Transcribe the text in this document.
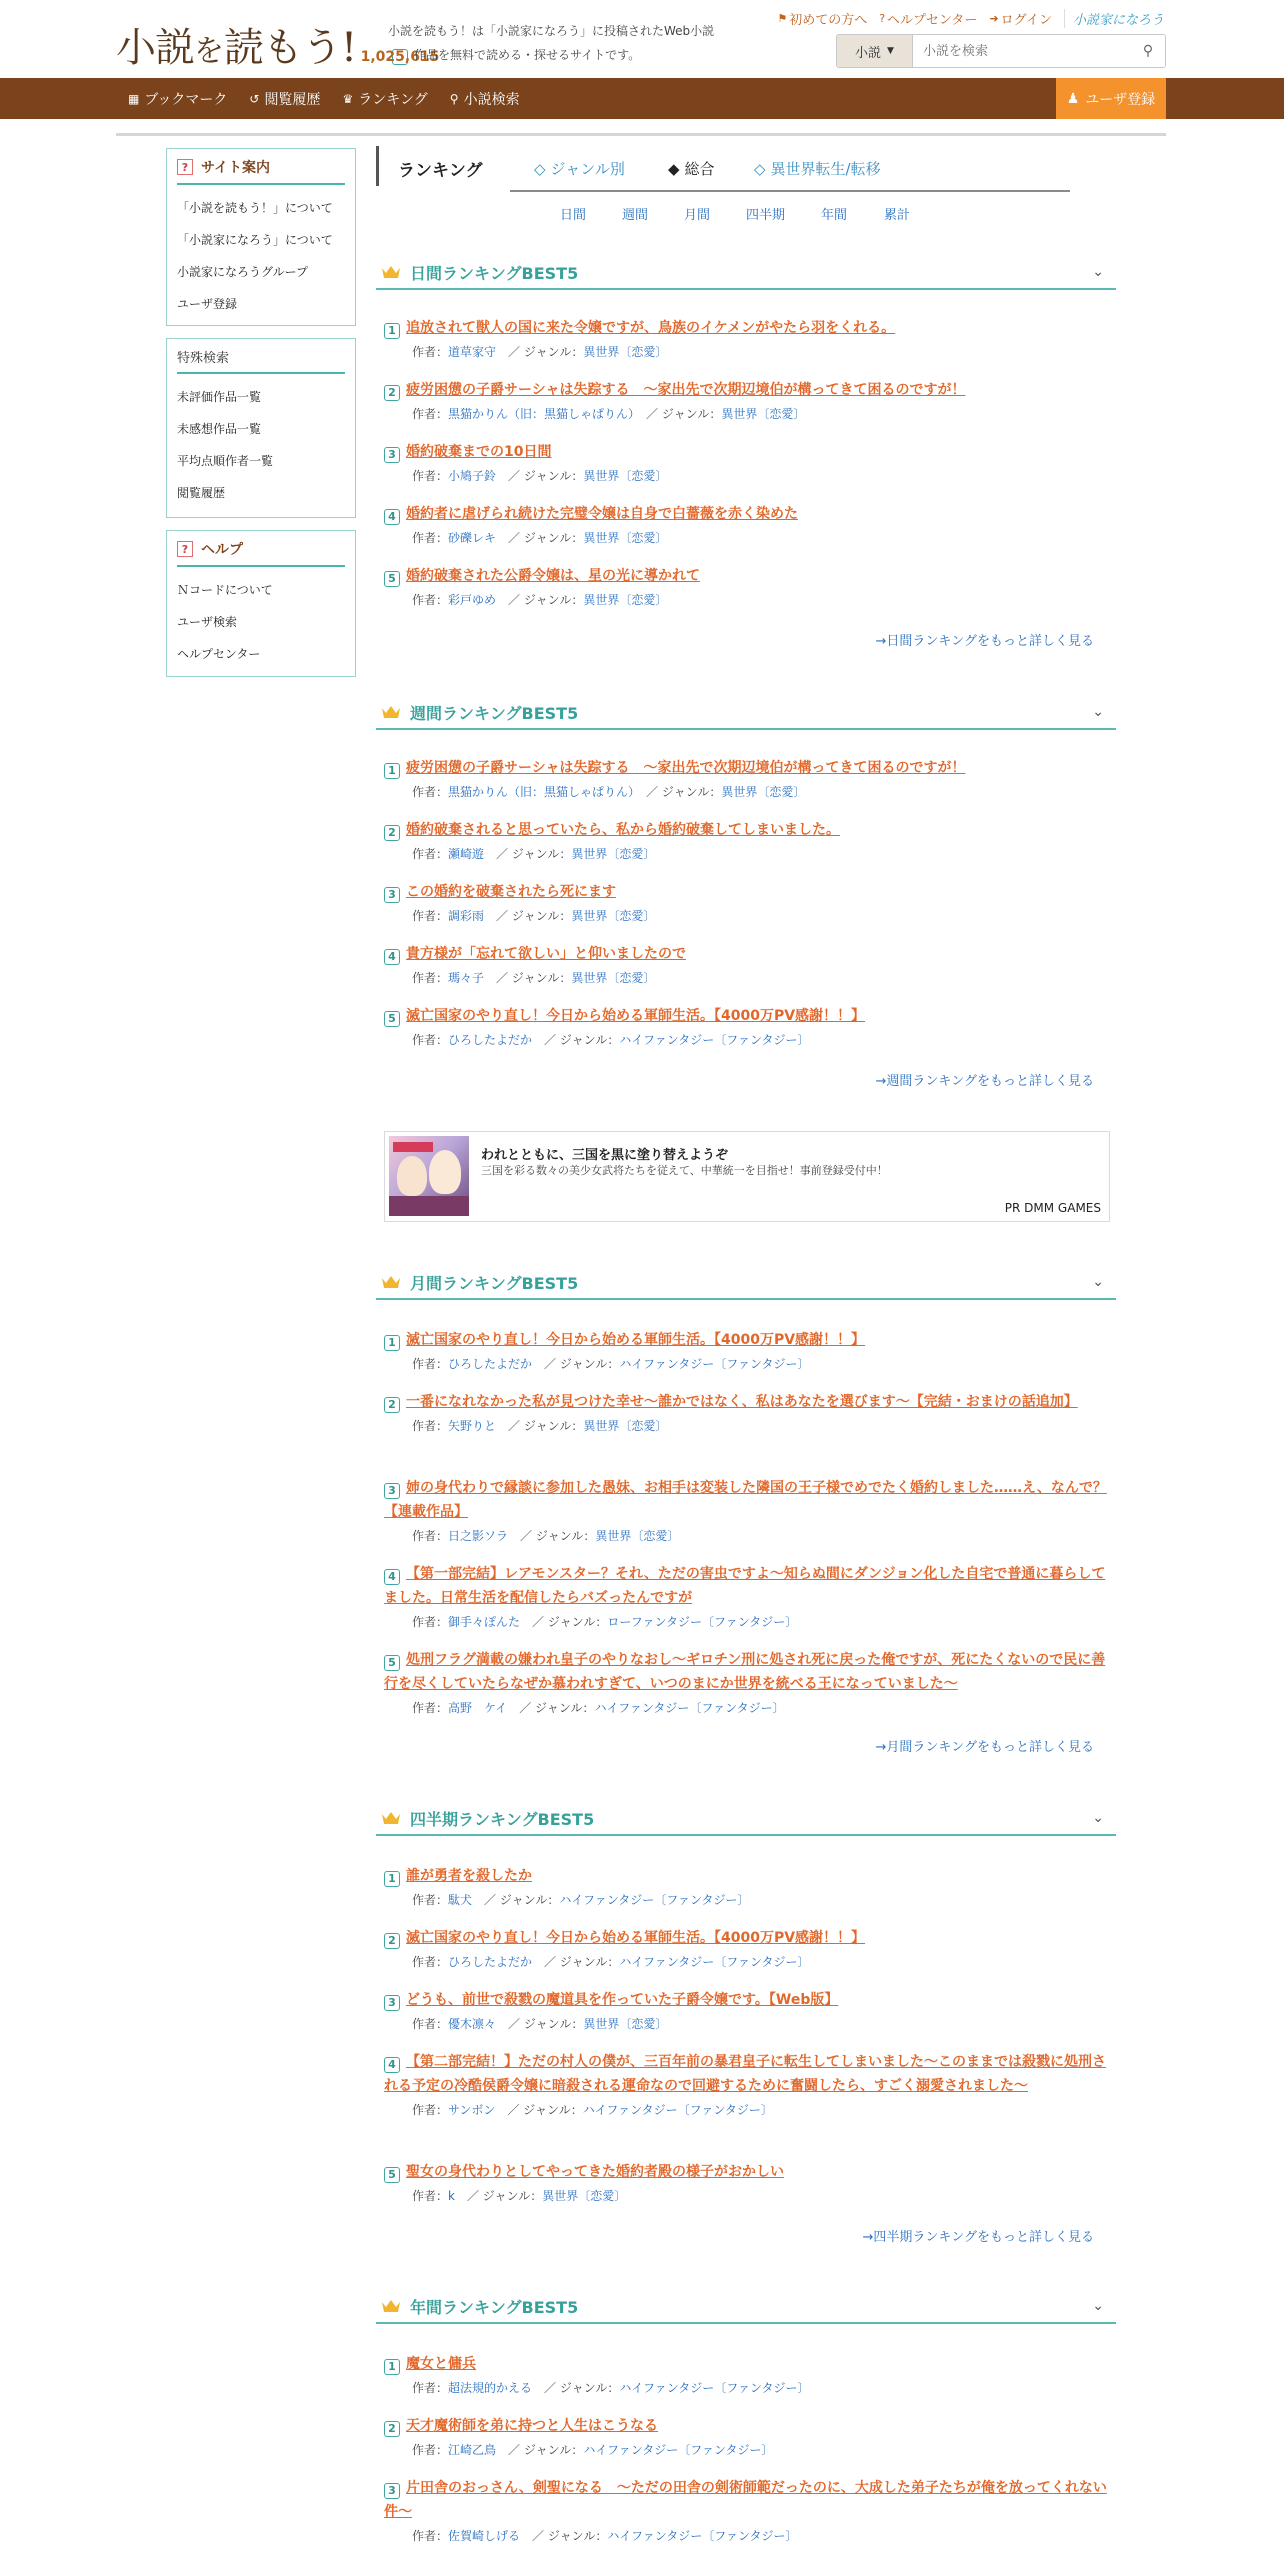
小説 を 読もう !	小説を読もう！は「小説家になろう」に投稿されたWeb小説
1,025,615作品を無料で読める・探せるサイトです。
⚑ 初めての方へ ? ヘルプセンター ➜ ログイン	小説家になろう
小説 ▼
小説を検索	⚲
▦ ブックマーク ↺ 閲覧履歴 ♛ ランキング ⚲ 小説検索	♟ ユーザ登録
? サイト案内
「小説を読もう！」について
「小説家になろう」について
小説家になろうグループ
ユーザ登録
特殊検索
未評価作品一覧
未感想作品一覧
平均点順作者一覧
閲覧履歴
? ヘルプ
Ｎコードについて
ユーザ検索
ヘルプセンター
ランキング	◇ ジャンル別	◆ 総合	◇ 異世界転生/転移
日間	週間	月間	四半期	年間	累計
日間ランキングBEST5	⌄
1 追放されて獣人の国に来た令嬢ですが、鳥族のイケメンがやたら羽をくれる。
作者：道草家守　 ／ ジャンル：異世界〔恋愛〕
2 疲労困憊の子爵サーシャは失踪する　〜家出先で次期辺境伯が構ってきて困るのですが！
作者：黒猫かりん（旧：黒猫しゃぱりん）　 ／ ジャンル：異世界〔恋愛〕
3 婚約破棄までの10日間
作者：小鳩子鈴　 ／ ジャンル：異世界〔恋愛〕
4 婚約者に虐げられ続けた完璧令嬢は自身で白薔薇を赤く染めた
作者：砂礫レキ　 ／ ジャンル：異世界〔恋愛〕
5 婚約破棄された公爵令嬢は、星の光に導かれて
作者：彩戸ゆめ　 ／ ジャンル：異世界〔恋愛〕
→日間ランキングをもっと詳しく見る
週間ランキングBEST5	⌄
1 疲労困憊の子爵サーシャは失踪する　〜家出先で次期辺境伯が構ってきて困るのですが！
作者：黒猫かりん（旧：黒猫しゃぱりん）　 ／ ジャンル：異世界〔恋愛〕
2 婚約破棄されると思っていたら、私から婚約破棄してしまいました。
作者：瀬崎遊　 ／ ジャンル：異世界〔恋愛〕
3 この婚約を破棄されたら死にます
作者：調彩雨　 ／ ジャンル：異世界〔恋愛〕
4 貴方様が「忘れて欲しい」と仰いましたので
作者：瑪々子　 ／ ジャンル：異世界〔恋愛〕
5 滅亡国家のやり直し！今日から始める軍師生活。【4000万PV感謝！！】
作者：ひろしたよだか　 ／ ジャンル：ハイファンタジー〔ファンタジー〕
→週間ランキングをもっと詳しく見る
われとともに、三国を黒に塗り替えようぞ
三国を彩る数々の美少女武将たちを従えて、中華統一を目指せ！事前登録受付中！
PR DMM GAMES
月間ランキングBEST5	⌄
1 滅亡国家のやり直し！今日から始める軍師生活。【4000万PV感謝！！】
作者：ひろしたよだか　 ／ ジャンル：ハイファンタジー〔ファンタジー〕
2 一番になれなかった私が見つけた幸せ〜誰かではなく、私はあなたを選びます〜【完結・おまけの話追加】
作者：矢野りと　 ／ ジャンル：異世界〔恋愛〕
3 姉の身代わりで縁談に参加した愚妹、お相手は変装した隣国の王子様でめでたく婚約しました……え、なんで？【連載作品】
作者：日之影ソラ　 ／ ジャンル：異世界〔恋愛〕
4 【第一部完結】レアモンスター？それ、ただの害虫ですよ～知らぬ間にダンジョン化した自宅で普通に暮らしてました。日常生活を配信したらバズったんですが
作者：御手々ぽんた　 ／ ジャンル：ローファンタジー〔ファンタジー〕
5 処刑フラグ満載の嫌われ皇子のやりなおし～ギロチン刑に処され死に戻った俺ですが、死にたくないので民に善行を尽くしていたらなぜか慕われすぎて、いつのまにか世界を統べる王になっていました～
作者：高野　ケイ　 ／ ジャンル：ハイファンタジー〔ファンタジー〕
→月間ランキングをもっと詳しく見る
四半期ランキングBEST5	⌄
1 誰が勇者を殺したか
作者：駄犬　 ／ ジャンル：ハイファンタジー〔ファンタジー〕
2 滅亡国家のやり直し！今日から始める軍師生活。【4000万PV感謝！！】
作者：ひろしたよだか　 ／ ジャンル：ハイファンタジー〔ファンタジー〕
3 どうも、前世で殺戮の魔道具を作っていた子爵令嬢です。【Web版】
作者：優木凛々　 ／ ジャンル：異世界〔恋愛〕
4 【第二部完結！】ただの村人の僕が、三百年前の暴君皇子に転生してしまいました～このままでは殺戮に処刑される予定の冷酷侯爵令嬢に暗殺される運命なので回避するために奮闘したら、すごく溺愛されました～
作者：サンボン　 ／ ジャンル：ハイファンタジー〔ファンタジー〕
5 聖女の身代わりとしてやってきた婚約者殿の様子がおかしい
作者：k　 ／ ジャンル：異世界〔恋愛〕
→四半期ランキングをもっと詳しく見る
年間ランキングBEST5	⌄
1 魔女と傭兵
作者：超法規的かえる　 ／ ジャンル：ハイファンタジー〔ファンタジー〕
2 天才魔術師を弟に持つと人生はこうなる
作者：江崎乙鳥　 ／ ジャンル：ハイファンタジー〔ファンタジー〕
3 片田舎のおっさん、剣聖になる　～ただの田舎の剣術師範だったのに、大成した弟子たちが俺を放ってくれない件～
作者：佐賀崎しげる　 ／ ジャンル：ハイファンタジー〔ファンタジー〕
